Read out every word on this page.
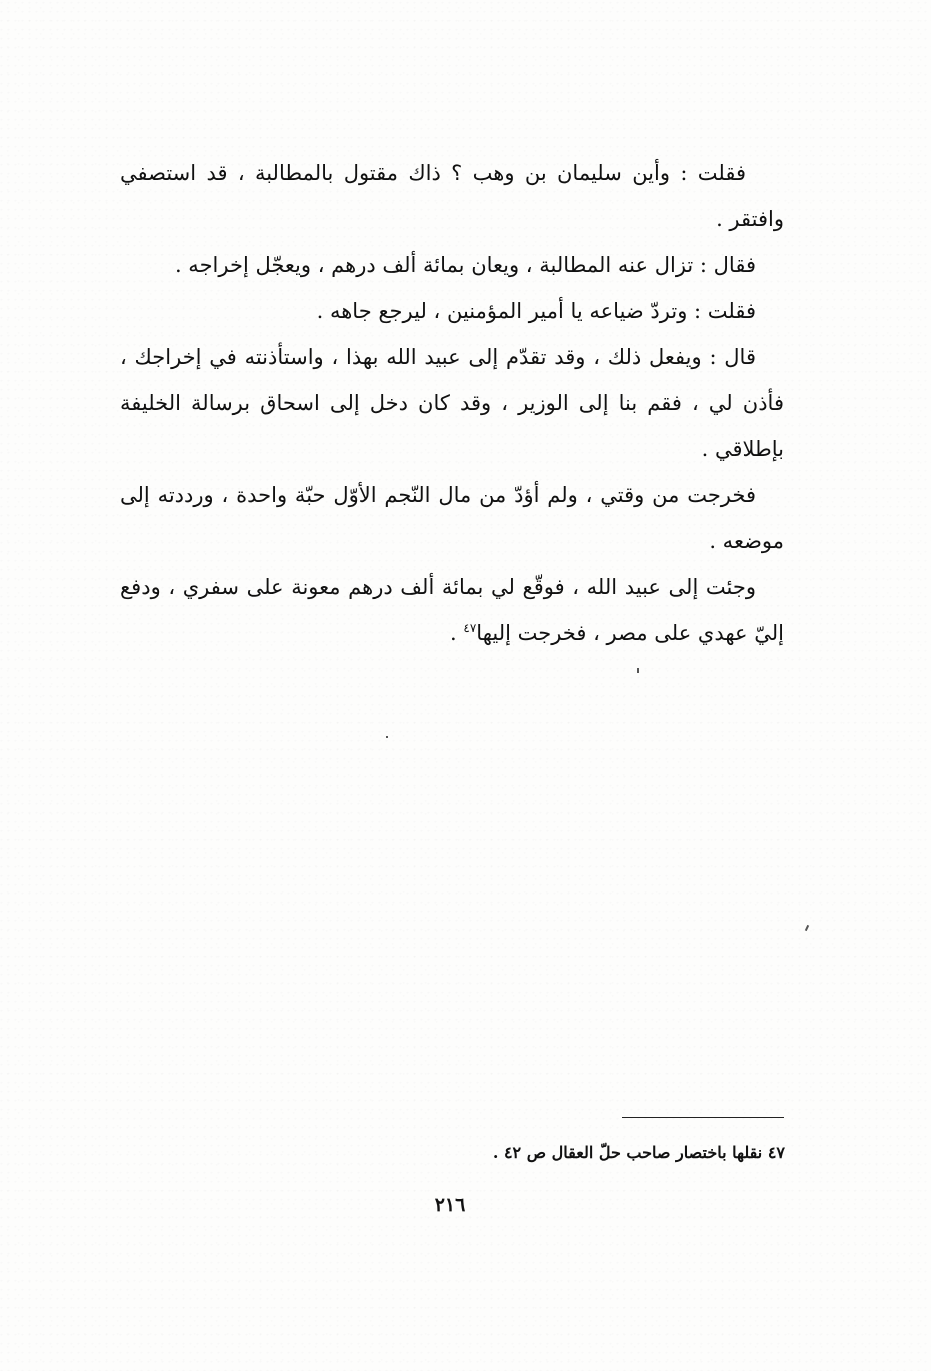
فقلت : وأين سليمان بن وهب ؟ ذاك مقتول بالمطالبة ، قد استصفي وافتقر .

فقال : تزال عنه المطالبة ، ويعان بمائة ألف درهم ، ويعجّل إخراجه .

فقلت : وتردّ ضياعه يا أمير المؤمنين ، ليرجع جاهه .

قال : ويفعل ذلك ، وقد تقدّم إلى عبيد الله بهذا ، واستأذنته في إخراجك ، فأذن لي ، فقم بنا إلى الوزير ، وقد كان دخل إلى اسحاق برسالة الخليفة بإطلاقي .

فخرجت من وقتي ، ولم أؤدّ من مال النّجم الأوّل حبّة واحدة ، ورددته إلى موضعه .

وجئت إلى عبيد الله ، فوقّع لي بمائة ألف درهم معونة على سفري ، ودفع إليّ عهدي على مصر ، فخرجت إليها$^{٤٧}$ .

٤٧ نقلها باختصار صاحب حلّ العقال ص ٤٢ .
٢١٦
